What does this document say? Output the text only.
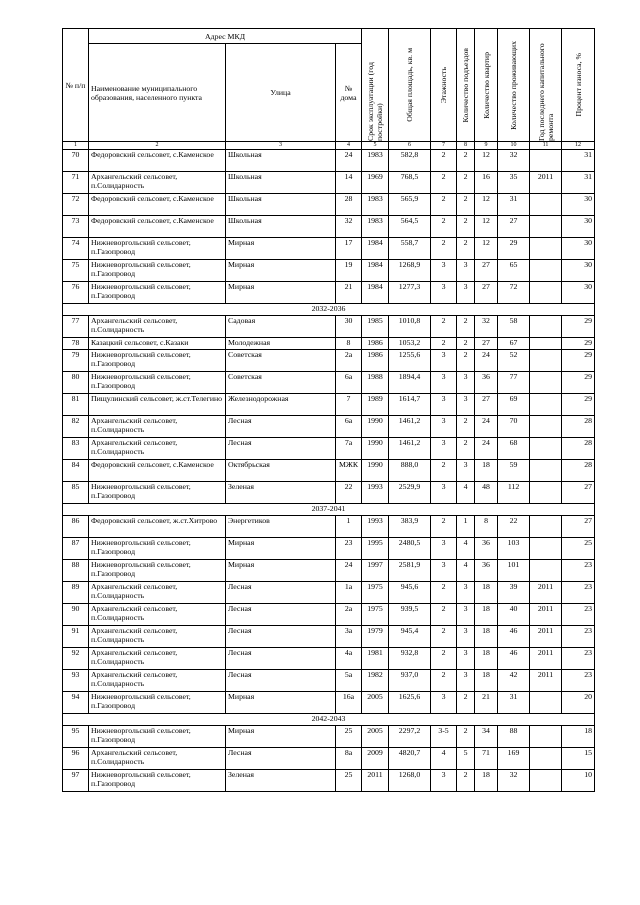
№ п/п	Адрес МКД			Срок эксплуатации (год постройки)	Общая площадь, кв. м	Этажность	Количество подъездов	Количество квартир	Количество проживающих	Год последнего капитального ремонта	Процент износа, %

	Наименование муниципального образования, населенного пункта	Улица	№ дома								
1	2	3	4	5	6	7	8	9	10	11	12
70	Федоровский сельсовет, с.Каменское	Школьная	24	1983	582,8	2	2	12	32		31
71	Архангельский сельсовет, п.Солидарность	Школьная	14	1969	768,5	2	2	16	35	2011	31
72	Федоровский сельсовет, с.Каменское	Школьная	28	1983	565,9	2	2	12	31		30
73	Федоровский сельсовет, с.Каменское	Школьная	32	1983	564,5	2	2	12	27		30
74	Нижневоргольский сельсовет, п.Газопровод	Мирная	17	1984	558,7	2	2	12	29		30
75	Нижневоргольский сельсовет, п.Газопровод	Мирная	19	1984	1268,9	3	3	27	65		30
76	Нижневоргольский сельсовет, п.Газопровод	Мирная	21	1984	1277,3	3	3	27	72		30
2032-2036											
77	Архангельский сельсовет, п.Солидарность	Садовая	30	1985	1010,8	2	2	32	58		29
78	Казацкий сельсовет, с.Казаки	Молодежная	8	1986	1053,2	2	2	27	67		29
79	Нижневоргольский сельсовет, п.Газопровод	Советская	2а	1986	1255,6	3	2	24	52		29
80	Нижневоргольский сельсовет, п.Газопровод	Советская	6а	1988	1894,4	3	3	36	77		29
81	Пищулинский сельсовет, ж.ст.Телегино	Железнодорожная	7	1989	1614,7	3	3	27	69		29
82	Архангельский сельсовет, п.Солидарность	Лесная	6а	1990	1461,2	3	2	24	70		28
83	Архангельский сельсовет, п.Солидарность	Лесная	7а	1990	1461,2	3	2	24	68		28
84	Федоровский сельсовет, с.Каменское	Октябрьская	МЖК	1990	888,0	2	3	18	59		28
85	Нижневоргольский сельсовет, п.Газопровод	Зеленая	22	1993	2529,9	3	4	48	112		27
2037-2041											
86	Федоровский сельсовет, ж.ст.Хитрово	Энергетиков	1	1993	383,9	2	1	8	22		27
87	Нижневоргольский сельсовет, п.Газопровод	Мирная	23	1995	2480,5	3	4	36	103		25
88	Нижневоргольский сельсовет, п.Газопровод	Мирная	24	1997	2581,9	3	4	36	101		23
89	Архангельский сельсовет, п.Солидарность	Лесная	1а	1975	945,6	2	3	18	39	2011	23
90	Архангельский сельсовет, п.Солидарность	Лесная	2а	1975	939,5	2	3	18	40	2011	23
91	Архангельский сельсовет, п.Солидарность	Лесная	3а	1979	945,4	2	3	18	46	2011	23
92	Архангельский сельсовет, п.Солидарность	Лесная	4а	1981	932,8	2	3	18	46	2011	23
93	Архангельский сельсовет, п.Солидарность	Лесная	5а	1982	937,0	2	3	18	42	2011	23
94	Нижневоргольский сельсовет, п.Газопровод	Мирная	16а	2005	1625,6	3	2	21	31		20
2042-2043											
95	Нижневоргольский сельсовет, п.Газопровод	Мирная	25	2005	2297,2	3-5	2	34	88		18
96	Архангельский сельсовет, п.Солидарность	Лесная	8а	2009	4820,7	4	5	71	169		15
97	Нижневоргольский сельсовет, п.Газопровод	Зеленая	25	2011	1268,0	3	2	18	32		10
